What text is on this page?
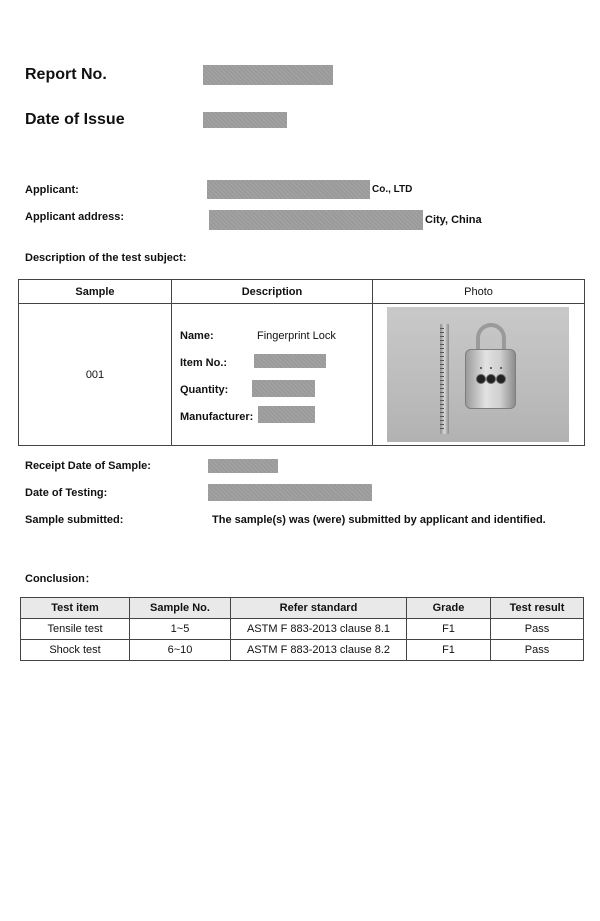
Report No.
Date of Issue
Applicant:	Co., LTD
Applicant address:	City, China
Description of the test subject:
Sample	Description	Photo
001	Name: Fingerprint Lock
Item No.:
Quantity:
Manufacturer:	

Receipt Date of Sample:
Date of Testing:
Sample submitted:	The sample(s) was (were) submitted by applicant and identified.
Conclusion：
Test item	Sample No.	Refer standard	Grade	Test result
Tensile test	1~5	ASTM F 883-2013 clause 8.1	F1	Pass
Shock test	6~10	ASTM F 883-2013 clause 8.2	F1	Pass
